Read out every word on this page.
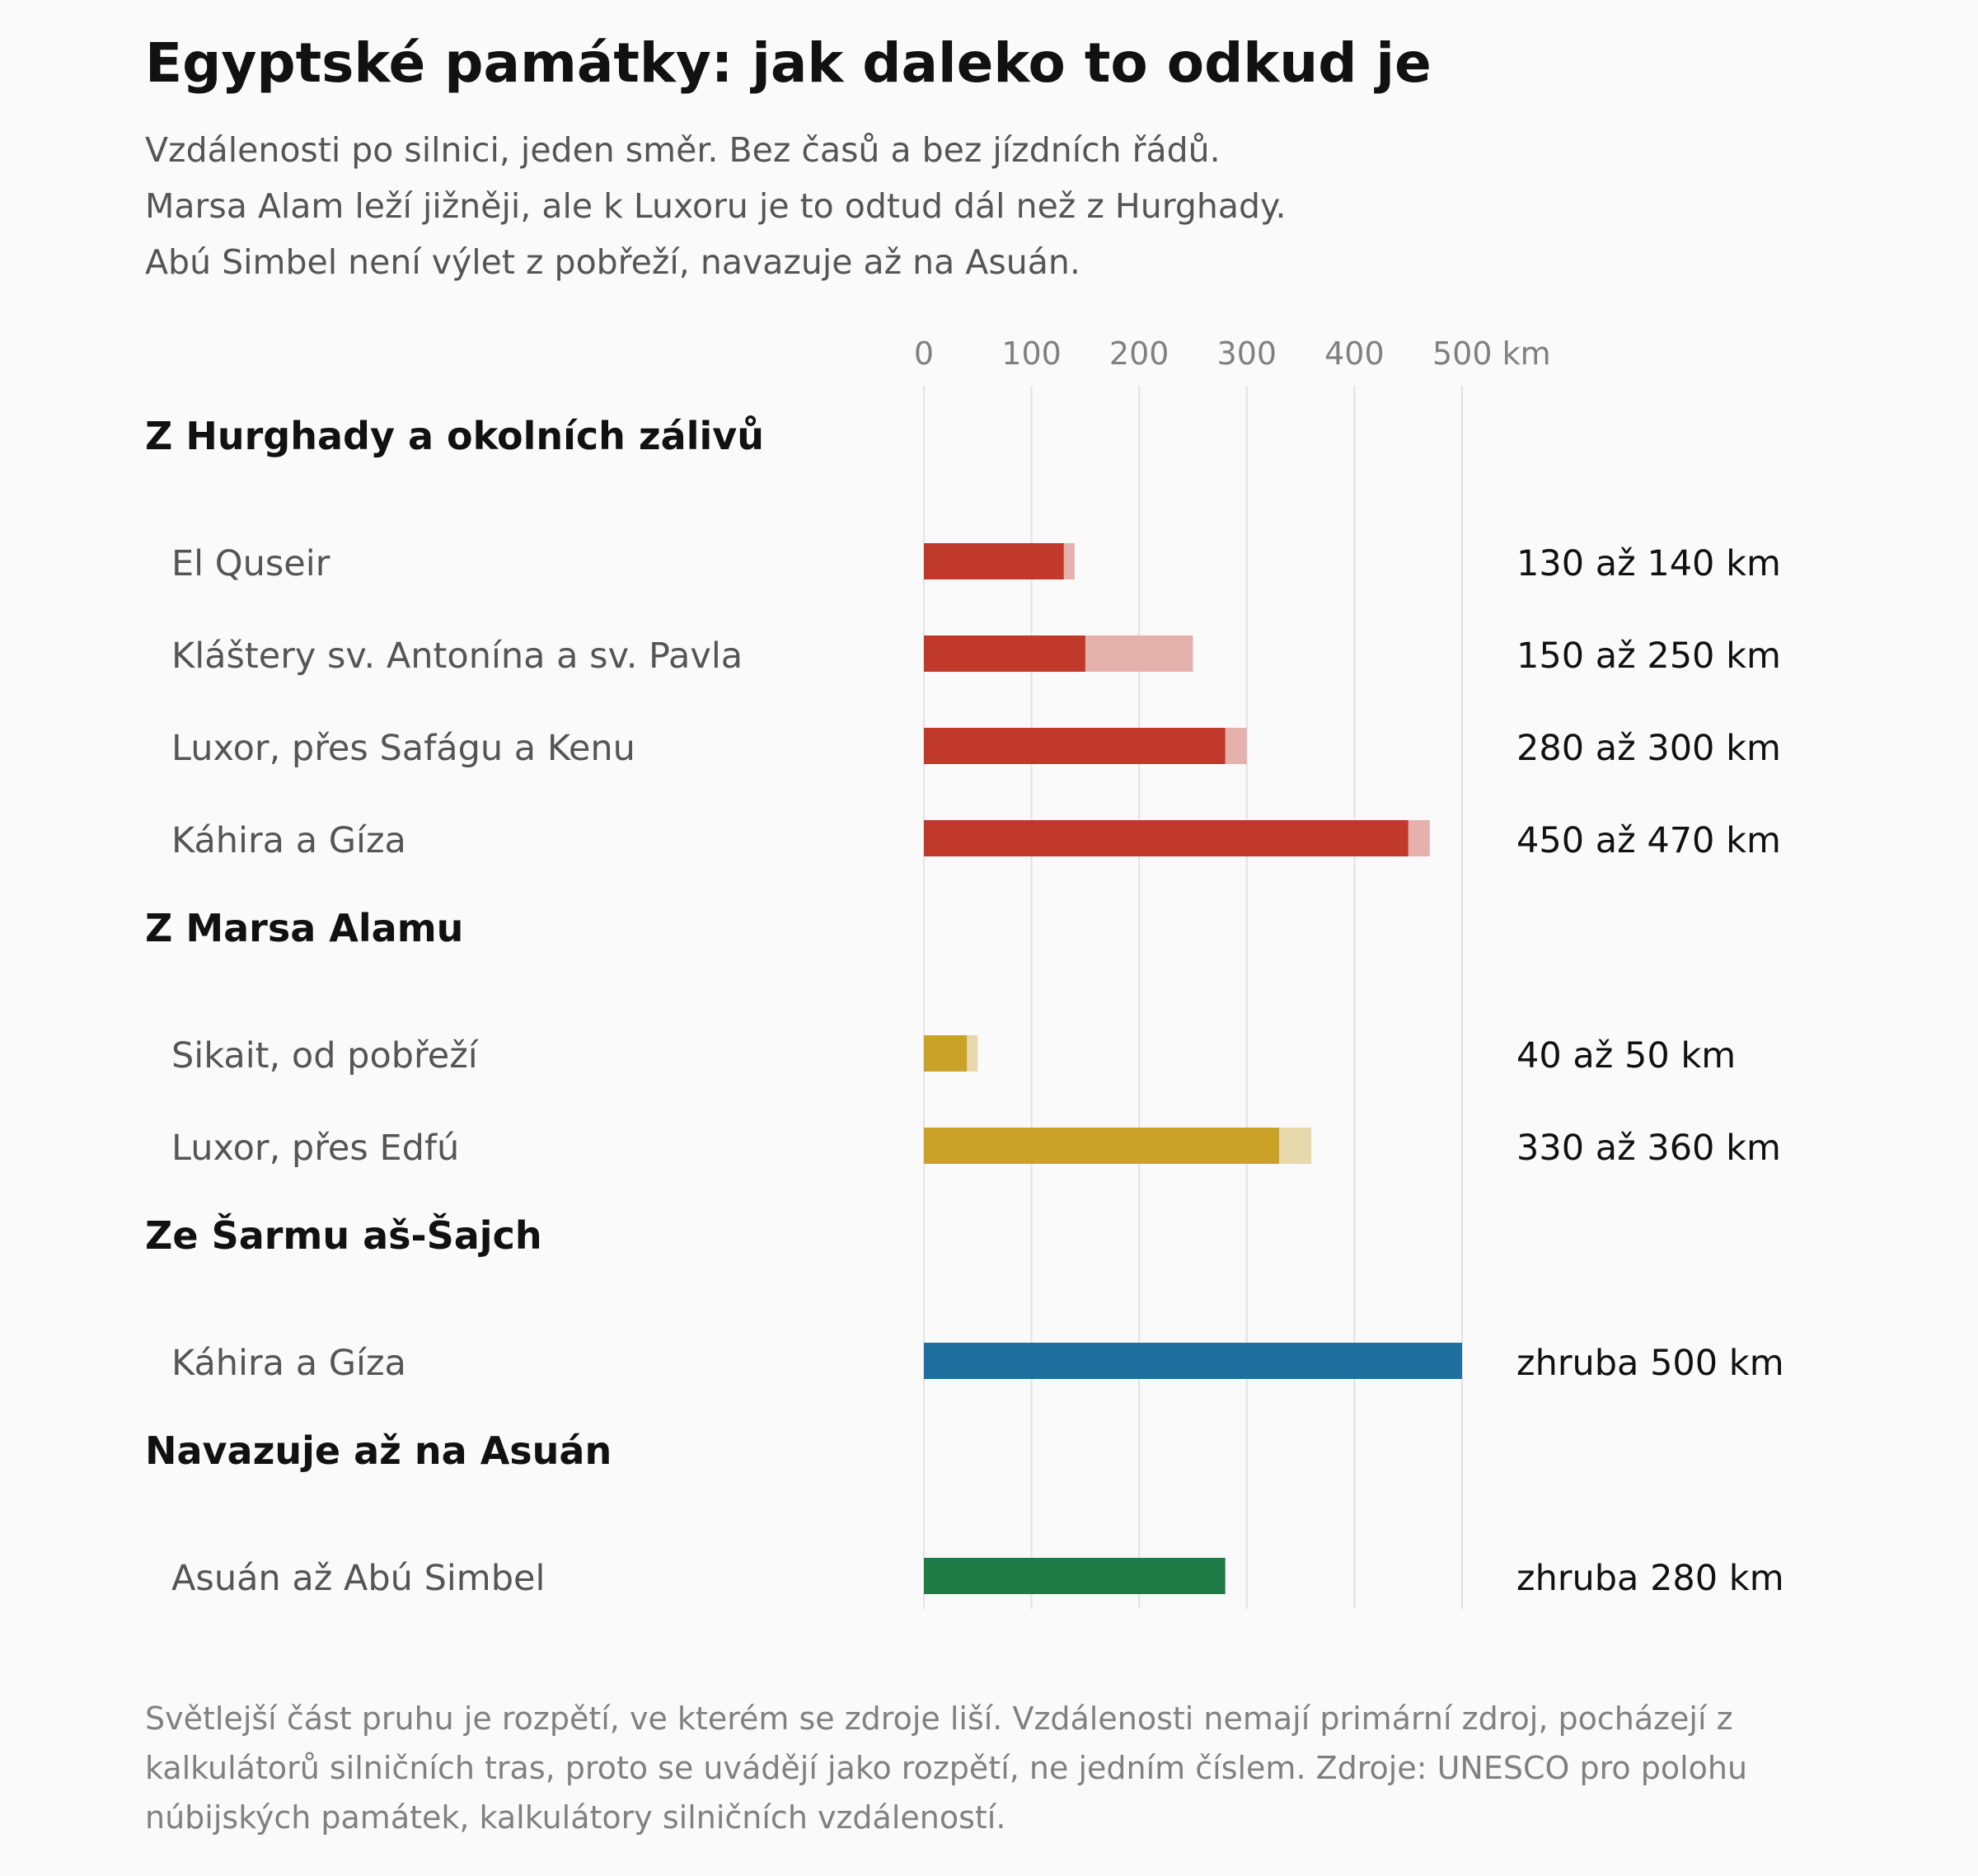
Egyptské památky: jak daleko to odkud je
Vzdálenosti po silnici, jeden směr. Bez časů a bez jízdních řádů.
Marsa Alam leží jižněji, ale k Luxoru je to odtud dál než z Hurghady.
Abú Simbel není výlet z pobřeží, navazuje až na Asuán.
0 100 200 300 400 500 km
Z Hurghady a okolních zálivů
El Quseir	130 až 140 km
Kláštery sv. Antonína a sv. Pavla	150 až 250 km
Luxor, přes Safágu a Kenu	280 až 300 km
Káhira a Gíza	450 až 470 km
Z Marsa Alamu
Sikait, od pobřeží	40 až 50 km
Luxor, přes Edfú	330 až 360 km
Ze Šarmu aš-Šajch
Káhira a Gíza	zhruba 500 km
Navazuje až na Asuán
Asuán až Abú Simbel	zhruba 280 km
Světlejší část pruhu je rozpětí, ve kterém se zdroje liší. Vzdálenosti nemají primární zdroj, pocházejí z kalkulátorů silničních tras, proto se uvádějí jako rozpětí, ne jedním číslem. Zdroje: UNESCO pro polohu núbijských památek, kalkulátory silničních vzdáleností.
